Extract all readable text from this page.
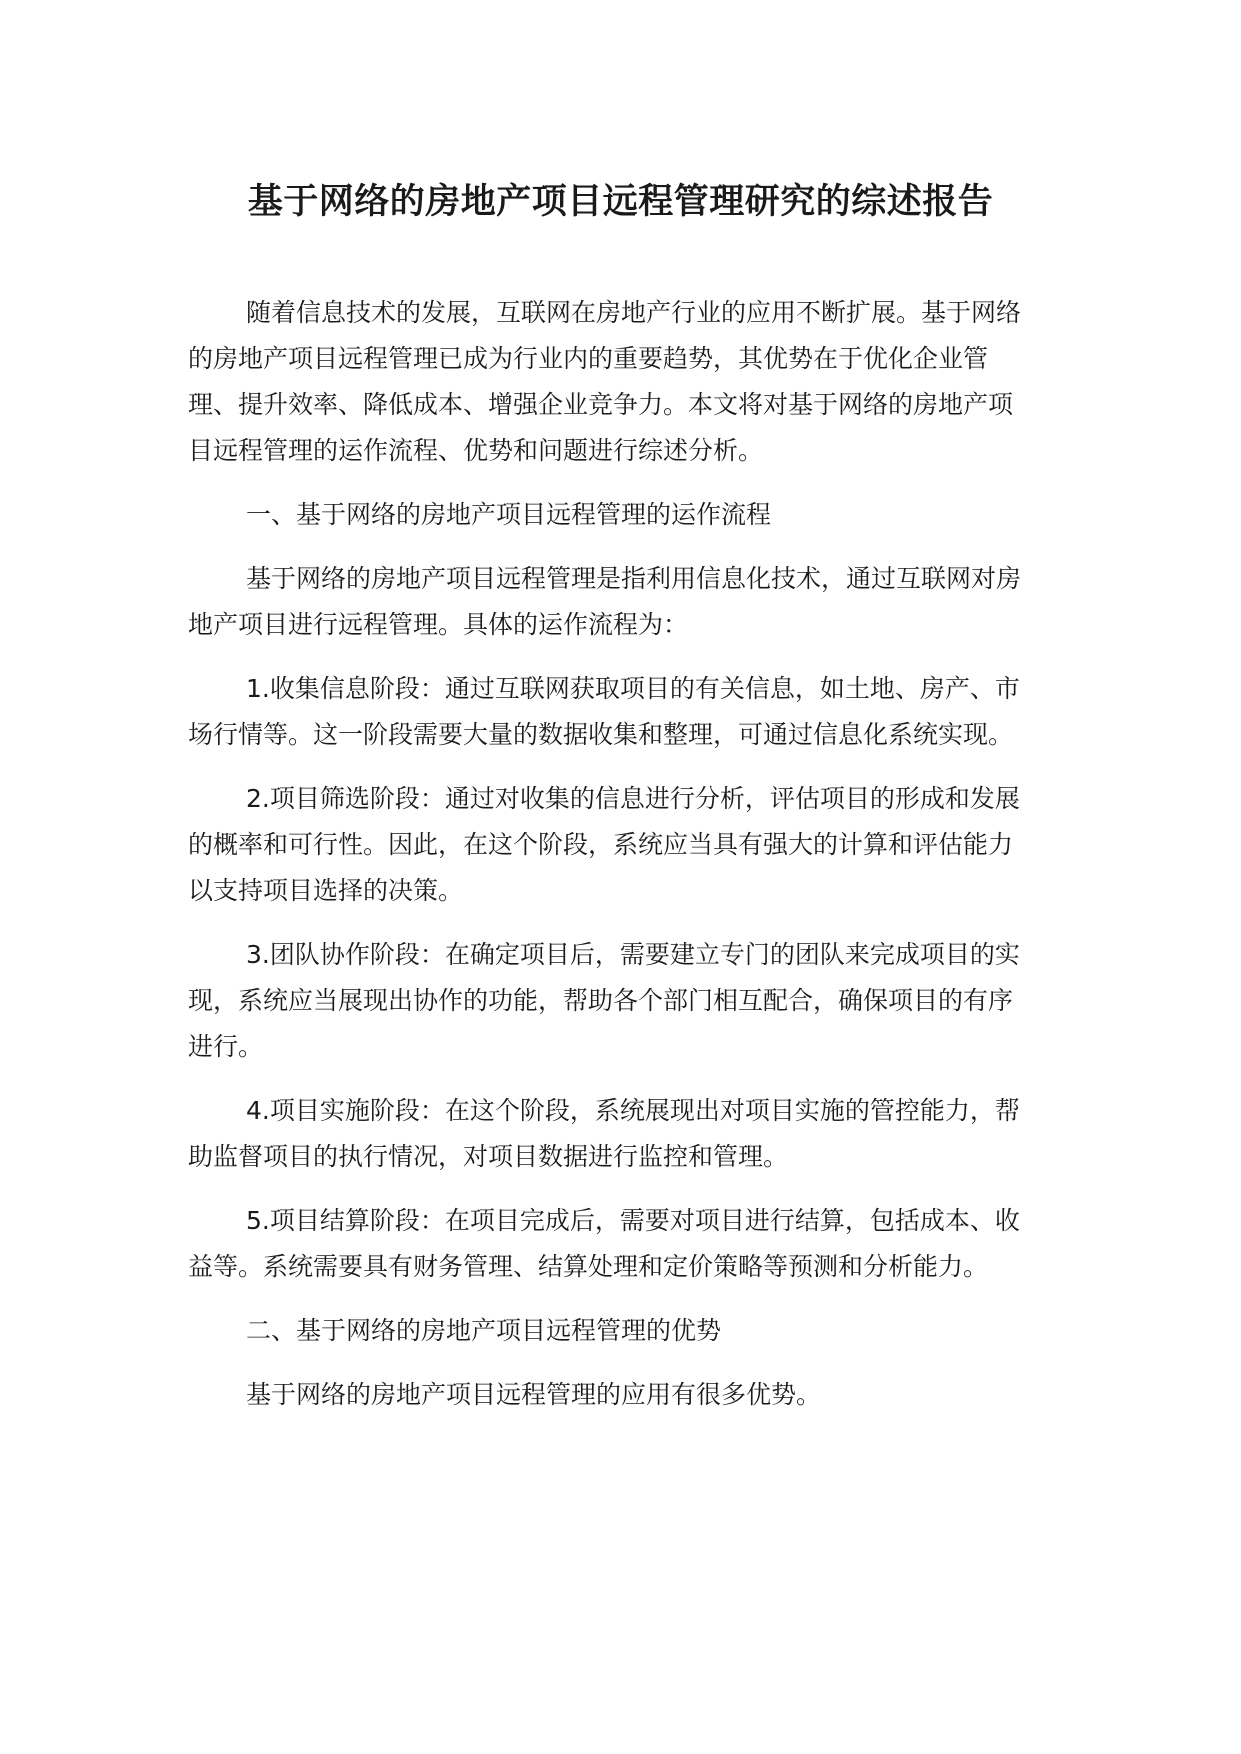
基于网络的房地产项目远程管理研究的综述报告

随着信息技术的发展，互联网在房地产行业的应用不断扩展。基于网络的房地产项目远程管理已成为行业内的重要趋势，其优势在于优化企业管理、提升效率、降低成本、增强企业竞争力。本文将对基于网络的房地产项目远程管理的运作流程、优势和问题进行综述分析。

一、基于网络的房地产项目远程管理的运作流程

基于网络的房地产项目远程管理是指利用信息化技术，通过互联网对房地产项目进行远程管理。具体的运作流程为：

1.收集信息阶段：通过互联网获取项目的有关信息，如土地、房产、市场行情等。这一阶段需要大量的数据收集和整理，可通过信息化系统实现。

2.项目筛选阶段：通过对收集的信息进行分析，评估项目的形成和发展的概率和可行性。因此，在这个阶段，系统应当具有强大的计算和评估能力以支持项目选择的决策。

3.团队协作阶段：在确定项目后，需要建立专门的团队来完成项目的实现，系统应当展现出协作的功能，帮助各个部门相互配合，确保项目的有序进行。

4.项目实施阶段：在这个阶段，系统展现出对项目实施的管控能力，帮助监督项目的执行情况，对项目数据进行监控和管理。

5.项目结算阶段：在项目完成后，需要对项目进行结算，包括成本、收益等。系统需要具有财务管理、结算处理和定价策略等预测和分析能力。

二、基于网络的房地产项目远程管理的优势

基于网络的房地产项目远程管理的应用有很多优势。
